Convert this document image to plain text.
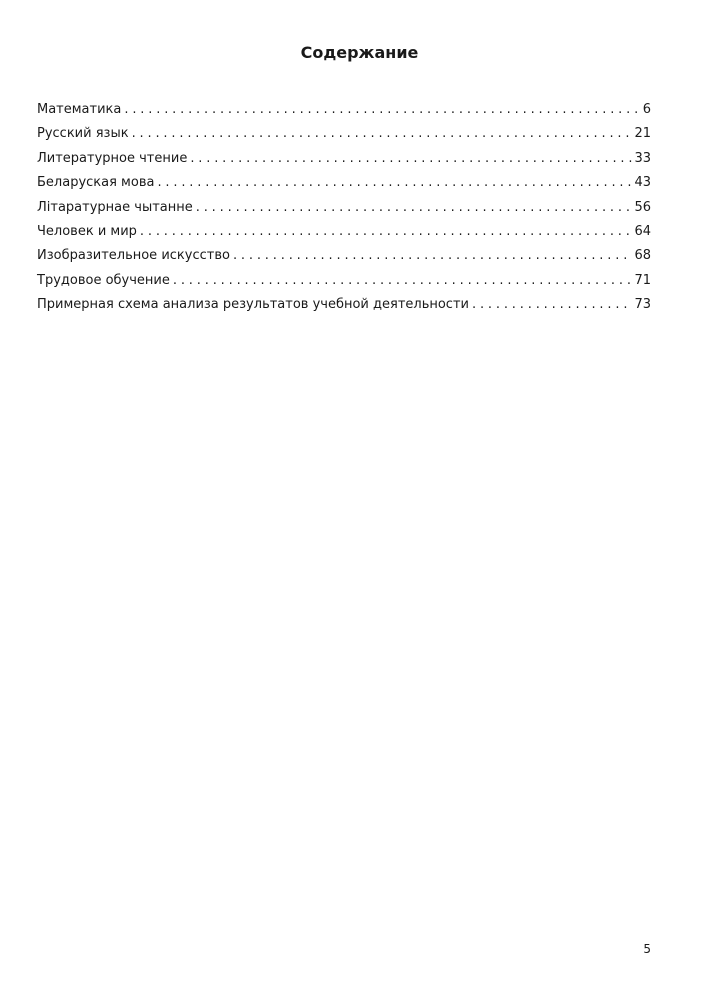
Содержание
Математика . . .	6
Русский язык . . .	21
Литературное чтение . . .	33
Беларуская мова . . .	43
Лiтаратурнае чытанне . . .	56
Человек и мир . . .	64
Изобразительное искусство . . .	68
Трудовое обучение . . .	71
Примерная схема анализа результатов учебной деятельности . . .	73
5
